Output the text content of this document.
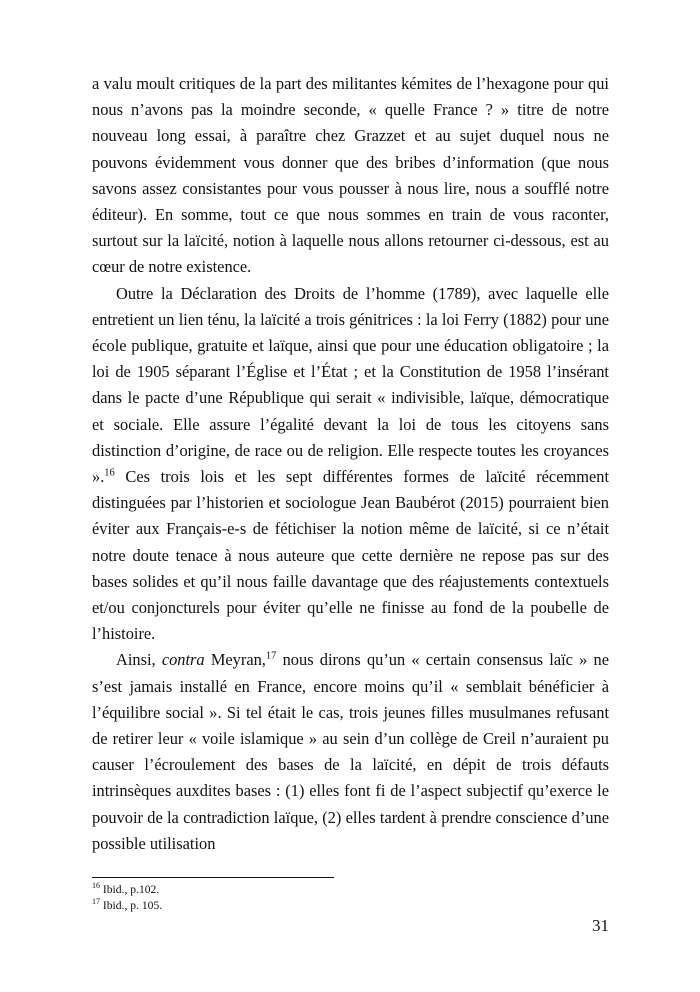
a valu moult critiques de la part des militantes kémites de l’hexagone pour qui nous n’avons pas la moindre seconde, « quelle France ? » titre de notre nouveau long essai, à paraître chez Grazzet et au sujet duquel nous ne pouvons évidemment vous donner que des bribes d’information (que nous savons assez consistantes pour vous pousser à nous lire, nous a soufflé notre éditeur). En somme, tout ce que nous sommes en train de vous raconter, surtout sur la laïcité, notion à laquelle nous allons retourner ci-dessous, est au cœur de notre existence.

Outre la Déclaration des Droits de l’homme (1789), avec laquelle elle entretient un lien ténu, la laïcité a trois génitrices : la loi Ferry (1882) pour une école publique, gratuite et laïque, ainsi que pour une éducation obligatoire ; la loi de 1905 séparant l’Église et l’État ; et la Constitution de 1958 l’insérant dans le pacte d’une République qui serait « indivisible, laïque, démocratique et sociale. Elle assure l’égalité devant la loi de tous les citoyens sans distinction d’origine, de race ou de religion. Elle respecte toutes les croyances ».$^{16}$ Ces trois lois et les sept différentes formes de laïcité récemment distinguées par l’historien et sociologue Jean Baubérot (2015) pourraient bien éviter aux Français-e-s de fétichiser la notion même de laïcité, si ce n’était notre doute tenace à nous auteure que cette dernière ne repose pas sur des bases solides et qu’il nous faille davantage que des réajustements contextuels et/ou conjoncturels pour éviter qu’elle ne finisse au fond de la poubelle de l’histoire.

Ainsi, contra Meyran,$^{17}$ nous dirons qu’un « certain consensus laïc » ne s’est jamais installé en France, encore moins qu’il « semblait bénéficier à l’équilibre social ». Si tel était le cas, trois jeunes filles musulmanes refusant de retirer leur « voile islamique » au sein d’un collège de Creil n’auraient pu causer l’écroulement des bases de la laïcité, en dépit de trois défauts intrinsèques auxdites bases : (1) elles font fi de l’aspect subjectif qu’exerce le pouvoir de la contradiction laïque, (2) elles tardent à prendre conscience d’une possible utilisation

$^{16}$ Ibid., p.102.

$^{17}$ Ibid., p. 105.

31
